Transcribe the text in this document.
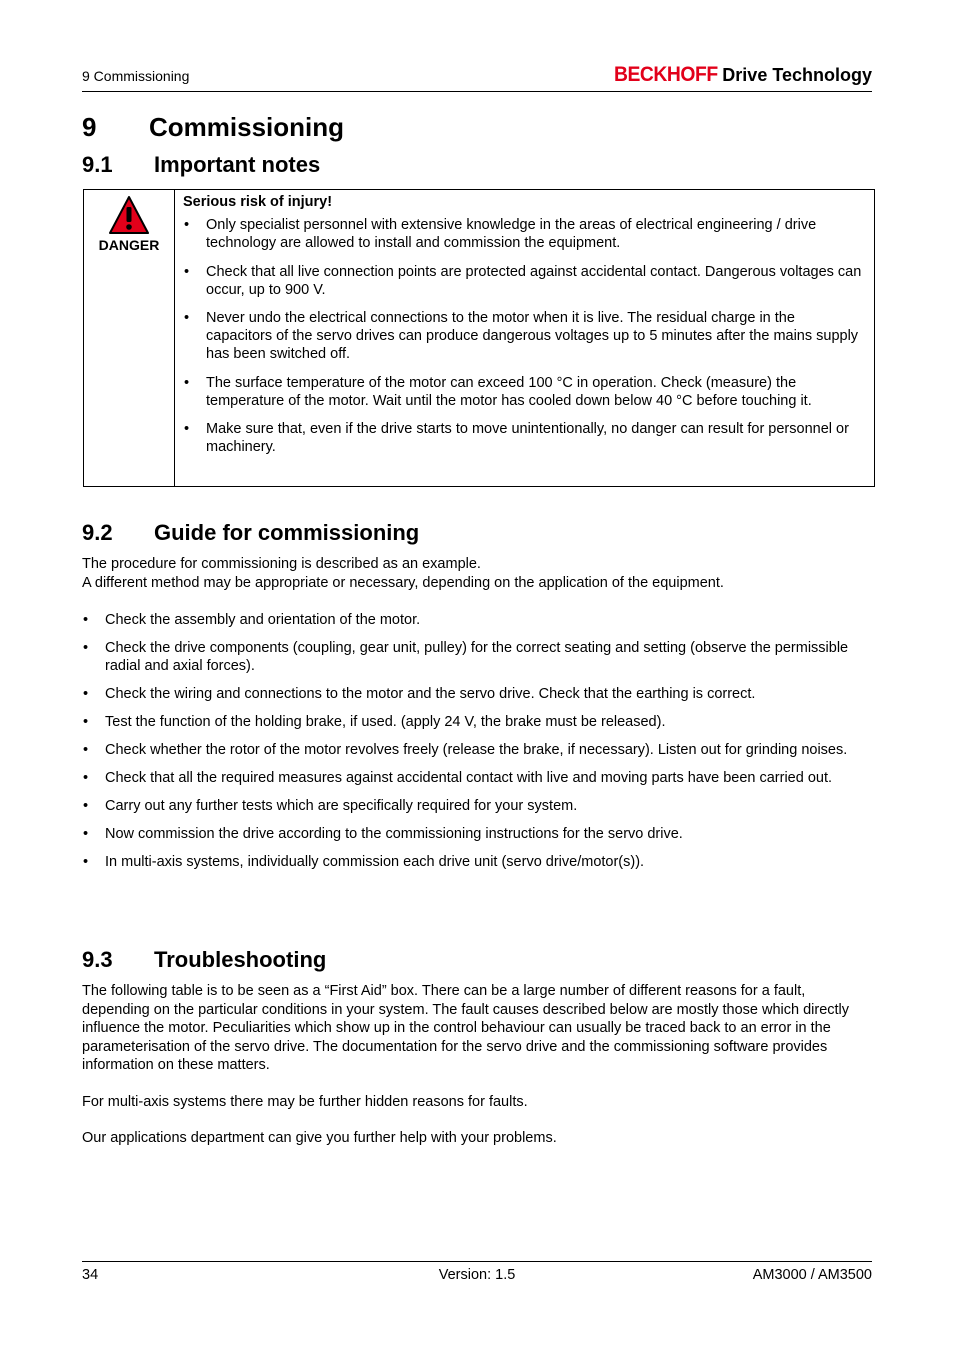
9 Commissioning	BECKHOFF Drive Technology
9 Commissioning
9.1 Important notes
DANGER
Serious risk of injury!
• Only specialist personnel with extensive knowledge in the areas of electrical engineering / drive technology are allowed to install and commission the equipment.
• Check that all live connection points are protected against accidental contact. Dangerous voltages can occur, up to 900 V.
• Never undo the electrical connections to the motor when it is live. The residual charge in the capacitors of the servo drives can produce dangerous voltages up to 5 minutes after the mains supply has been switched off.
• The surface temperature of the motor can exceed 100 °C in operation. Check (measure) the temperature of the motor. Wait until the motor has cooled down below 40 °C before touching it.
• Make sure that, even if the drive starts to move unintentionally, no danger can result for personnel or machinery.
9.2 Guide for commissioning
The procedure for commissioning is described as an example.
A different method may be appropriate or necessary, depending on the application of the equipment.
• Check the assembly and orientation of the motor.
• Check the drive components (coupling, gear unit, pulley) for the correct seating and setting (observe the permissible radial and axial forces).
• Check the wiring and connections to the motor and the servo drive. Check that the earthing is correct.
• Test the function of the holding brake, if used. (apply 24 V, the brake must be released).
• Check whether the rotor of the motor revolves freely (release the brake, if necessary). Listen out for grinding noises.
• Check that all the required measures against accidental contact with live and moving parts have been carried out.
• Carry out any further tests which are specifically required for your system.
• Now commission the drive according to the commissioning instructions for the servo drive.
• In multi-axis systems, individually commission each drive unit (servo drive/motor(s)).
9.3 Troubleshooting
The following table is to be seen as a “First Aid” box. There can be a large number of different reasons for a fault, depending on the particular conditions in your system. The fault causes described below are mostly those which directly influence the motor. Peculiarities which show up in the control behaviour can usually be traced back to an error in the parameterisation of the servo drive. The documentation for the servo drive and the commissioning software provides information on these matters.
For multi-axis systems there may be further hidden reasons for faults.
Our applications department can give you further help with your problems.
34	Version: 1.5	AM3000 / AM3500
